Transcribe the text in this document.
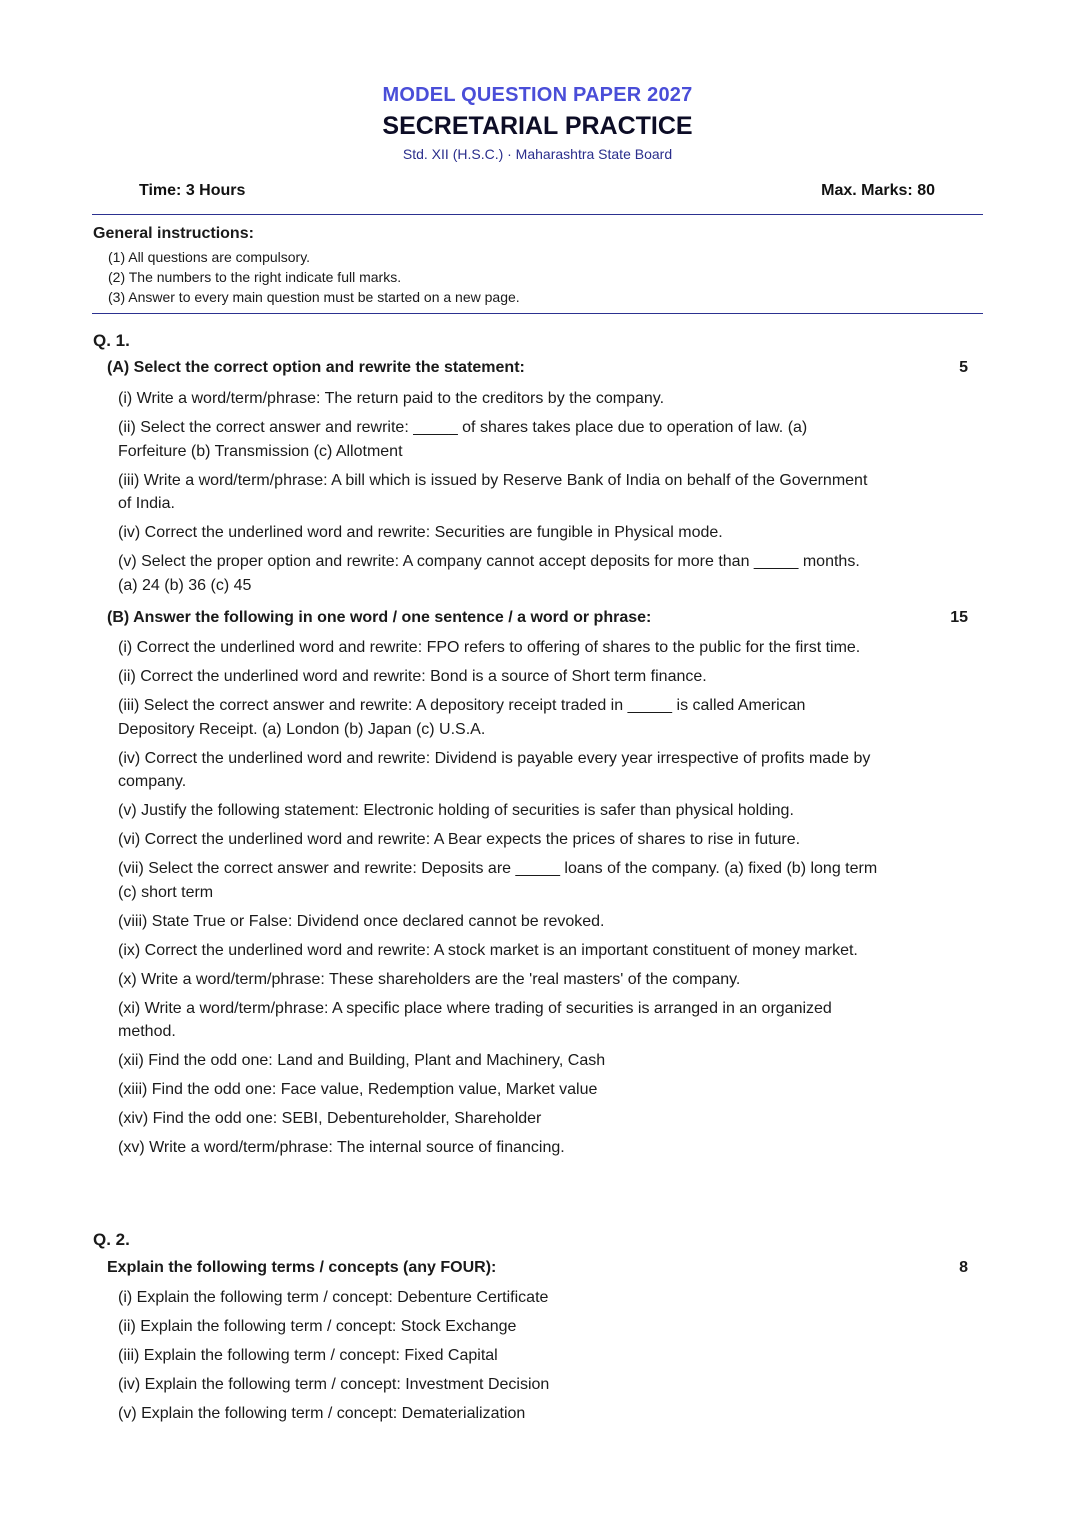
MODEL QUESTION PAPER 2027
SECRETARIAL PRACTICE
Std. XII (H.S.C.) · Maharashtra State Board
Time: 3 Hours	Max. Marks: 80
General instructions:
(1) All questions are compulsory.
(2) The numbers to the right indicate full marks.
(3) Answer to every main question must be started on a new page.
Q. 1.
(A) Select the correct option and rewrite the statement:	5
(i) Write a word/term/phrase: The return paid to the creditors by the company.
(ii) Select the correct answer and rewrite: _____ of shares takes place due to operation of law. (a) Forfeiture (b) Transmission (c) Allotment
(iii) Write a word/term/phrase: A bill which is issued by Reserve Bank of India on behalf of the Government of India.
(iv) Correct the underlined word and rewrite: Securities are fungible in Physical mode.
(v) Select the proper option and rewrite: A company cannot accept deposits for more than _____ months. (a) 24 (b) 36 (c) 45
(B) Answer the following in one word / one sentence / a word or phrase:	15
(i) Correct the underlined word and rewrite: FPO refers to offering of shares to the public for the first time.
(ii) Correct the underlined word and rewrite: Bond is a source of Short term finance.
(iii) Select the correct answer and rewrite: A depository receipt traded in _____ is called American Depository Receipt. (a) London (b) Japan (c) U.S.A.
(iv) Correct the underlined word and rewrite: Dividend is payable every year irrespective of profits made by company.
(v) Justify the following statement: Electronic holding of securities is safer than physical holding.
(vi) Correct the underlined word and rewrite: A Bear expects the prices of shares to rise in future.
(vii) Select the correct answer and rewrite: Deposits are _____ loans of the company. (a) fixed (b) long term (c) short term
(viii) State True or False: Dividend once declared cannot be revoked.
(ix) Correct the underlined word and rewrite: A stock market is an important constituent of money market.
(x) Write a word/term/phrase: These shareholders are the 'real masters' of the company.
(xi) Write a word/term/phrase: A specific place where trading of securities is arranged in an organized method.
(xii) Find the odd one: Land and Building, Plant and Machinery, Cash
(xiii) Find the odd one: Face value, Redemption value, Market value
(xiv) Find the odd one: SEBI, Debentureholder, Shareholder
(xv) Write a word/term/phrase: The internal source of financing.
Q. 2.
Explain the following terms / concepts (any FOUR):	8
(i) Explain the following term / concept: Debenture Certificate
(ii) Explain the following term / concept: Stock Exchange
(iii) Explain the following term / concept: Fixed Capital
(iv) Explain the following term / concept: Investment Decision
(v) Explain the following term / concept: Dematerialization
